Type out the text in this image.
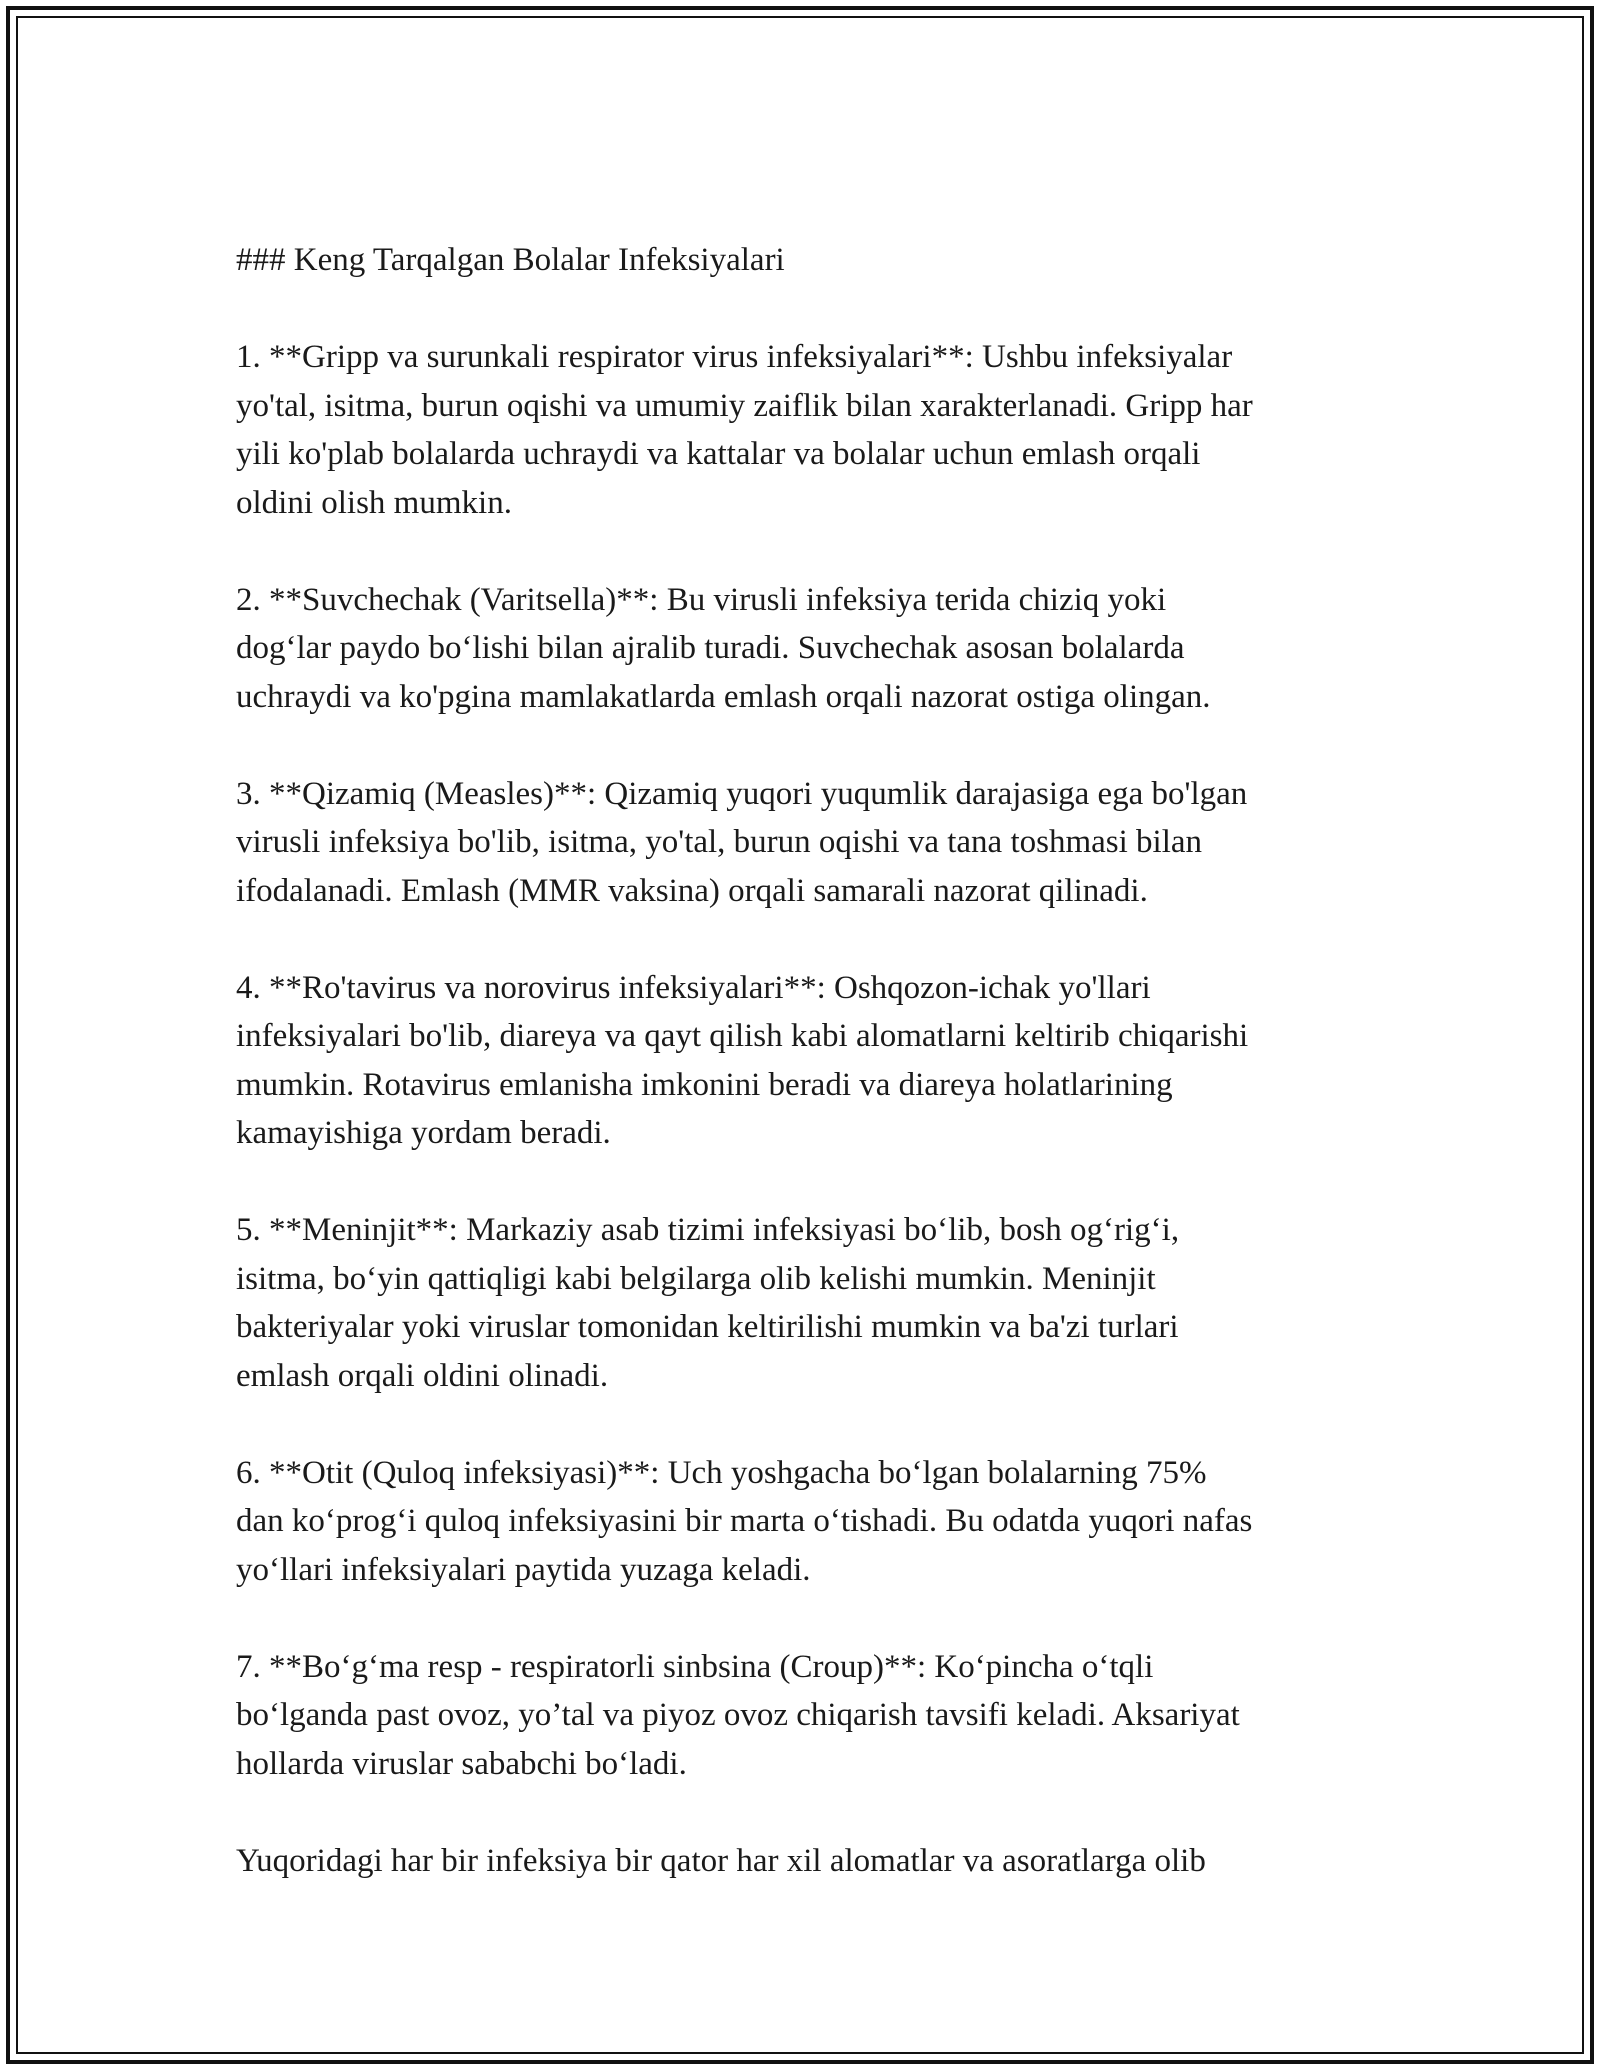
### Keng Tarqalgan Bolalar Infeksiyalari

1. **Gripp va surunkali respirator virus infeksiyalari**: Ushbu infeksiyalar
yo'tal, isitma, burun oqishi va umumiy zaiflik bilan xarakterlanadi. Gripp har
yili ko'plab bolalarda uchraydi va kattalar va bolalar uchun emlash orqali
oldini olish mumkin.

2. **Suvchechak (Varitsella)**: Bu virusli infeksiya terida chiziq yoki
dog‘lar paydo bo‘lishi bilan ajralib turadi. Suvchechak asosan bolalarda
uchraydi va ko'pgina mamlakatlarda emlash orqali nazorat ostiga olingan.

3. **Qizamiq (Measles)**: Qizamiq yuqori yuqumlik darajasiga ega bo'lgan
virusli infeksiya bo'lib, isitma, yo'tal, burun oqishi va tana toshmasi bilan
ifodalanadi. Emlash (MMR vaksina) orqali samarali nazorat qilinadi.

4. **Ro'tavirus va norovirus infeksiyalari**: Oshqozon-ichak yo'llari
infeksiyalari bo'lib, diareya va qayt qilish kabi alomatlarni keltirib chiqarishi
mumkin. Rotavirus emlanisha imkonini beradi va diareya holatlarining
kamayishiga yordam beradi.

5. **Meninjit**: Markaziy asab tizimi infeksiyasi bo‘lib, bosh og‘rig‘i,
isitma, bo‘yin qattiqligi kabi belgilarga olib kelishi mumkin. Meninjit
bakteriyalar yoki viruslar tomonidan keltirilishi mumkin va ba'zi turlari
emlash orqali oldini olinadi.

6. **Otit (Quloq infeksiyasi)**: Uch yoshgacha bo‘lgan bolalarning 75%
dan ko‘prog‘i quloq infeksiyasini bir marta o‘tishadi. Bu odatda yuqori nafas
yo‘llari infeksiyalari paytida yuzaga keladi.

7. **Bo‘g‘ma resp - respiratorli sinbsina (Croup)**: Ko‘pincha o‘tqli
bo‘lganda past ovoz, yo’tal va piyoz ovoz chiqarish tavsifi keladi. Aksariyat
hollarda viruslar sababchi bo‘ladi.

Yuqoridagi har bir infeksiya bir qator har xil alomatlar va asoratlarga olib
